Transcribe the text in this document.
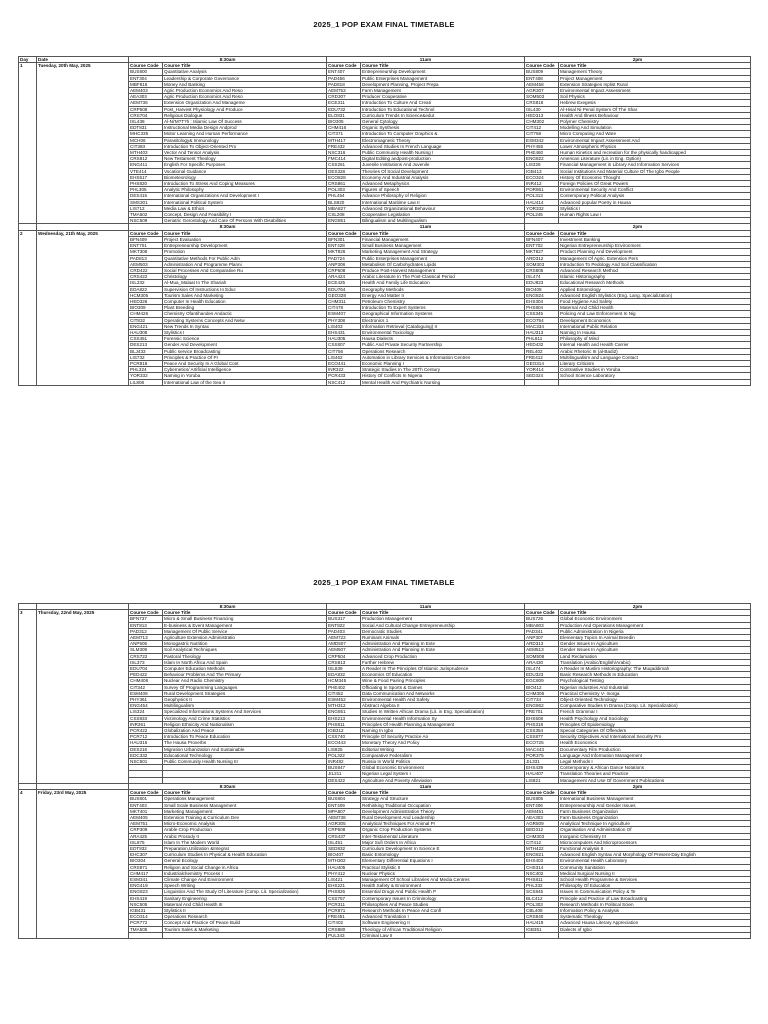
2025_1 POP EXAM FINAL TIMETABLE
Day	Date	8:30am		11am		2pm	
1	Tuesday, 20th May, 2025	Course Code	Course Title	Course Code	Course Title	Course Code	Course Title
		BUS800	Quantitative Analysis	ENT407	Entrepreneurship Development	BUS809	Management Theory
		ENT304	Leadership & Corporate Governance	PAD456	Public Enterprises Management	ENT408	Project Management
		MBF816	Money And Banking	PAD818	Development Planning, Project Prepa	AEM458	Extension Strategies Inplist Rural
		AEM403	Agric Production Economics And Reso	AEM753	Farm Management	AGR307	Environmental Impact Assessment
		AEA303	Agric Production Economics And Reso	CRD307	Producer Cooperative	SOM503	Soil Physics
		AEM736	Extension Organization And Manageme	ECE311	Introduction To Culture And Creati	CRS818	Hebrew Exegesis
		CRP508	Post_Harvest Physiology And Produce	EDU732	Introduction To Educational Technol	ISL430	Al-Hisal Ni Penal System Of The Shar
		CRS704	Religious Dialogue	ELO831	Curriculum Trends In Science&edut	HED313	Health And Illness Behaviour
		ISL438	Al-Ni'M?T?h : Islamic Law Of Success	BIO305	General Cytology	CHM302	Polymer Chemistry
		EDT831	Instructional Media Design Andprod	CHM416	Organic Synthesis	CIT412	Modelling And Simulation
		MHC335	Motor Learning And Human Performance	CIT371	Introduction To Computer Graphics &	CIT758	Micro Computing And Ware
		MCH06	Parasitology& Immunology	MTH417	Electromagnetic Theory	ESM342	Environmental Impact Assessment And
		CIT383	Introduction To Object-Oriented Pro	FRE432	Advanced Studies In French Language	PHY455	Lower Atmospheric Physics
		MTH403	Vector And Tensor Analysis	NSC316	Public Community Health Nursing I	PHE460	Human Kinetics and recreation for the physically handicapped
		CRS812	New Testament Theology	FMC414	Digital Editing andpost-production	ENG822	American Literature (Lit. in Eng. Option)
		ENG411	English For Specific Purposes	CSS261	Juvenile Institutions And Juvenile	LIS326	Financial Management in Library And Information Services
		VTE414	Vocational Guidance	DES328	Theories Of Social Development	IGB413	Social Institutions And Material Culture Of The Igbo People
		EHS517	Biometeorology	ECO828	Economy And Industrial Analysis	ECO324	History Of Economic Thought
		PHS820	Introduction To Stress And Coping Measures	CRS861	Advanced Metaphysics	INR412	Foreign Policies Of Great Powers
		PHL305	Analytic Philosophy	POL303	Figures of Speech	POR861	Environmental Security And Conflict
		DES415	International Organizations And Development I	PHL454	Advance Philosophy of Religion	POL313	Contemporary Political Analysis
		SMS301	International Political System	BLS820	International Maritime Law II	HAU414	Advanced popular Poetry in Hausa
		LIS712	Media Law & Ethics	MBA827	Advanced Organizational Behaviour	YOR332	Stylistics I
		TMA502	Concept, Design And Feasibility I	CSL208	Cooperative Legislation	POL245	Human Rights Law I
		NSC509	Geriatric Gerontology And Care Of Persons With Disabilities	ENG851	Bilingualism and Multilingualism		
		8:30am		11am		2pm	
2	Wednesday, 21th May, 2025	Course Code	Course Title	Course Code	Course Title	Course Code	Course Title
		BFN409	Project Evaluation	BFN301	Financial Management	BFN407	Investment Banking
		ENT701	Entrepreneurship Development	ENT428	Small Business Management	ENT702	Nigerian Entrepreneurship Environment
		MKT308	Promotion	MKT826	Marketing Management And Strategy	MKT827	Product Planning And Development
		PAD813	Quantitative Methods For Public Adm	PAD724	Public Enterprises Management	ARD312	Management Of Agric. Extension Pers
		AEM503	Administration And Programme Planni	ANP308	Metabolism Of Carbohydrates Lipids	SOM303	Introduction To Pedology And Soil Classification
		CRD422	Social Processes And Comparative Ru	CRP508	Produce Post-Harvest Management	CRS805	Advanced Research Method
		CRS422	Christology	ARA424	Arabic Literature In The Post-Classical Period	ISL474	Islamic Historiography
		ISL332	Al-Mua_Malaat In The Shariah	ECE425	Health And Family Life Education	EDU823	Educational Research Methods
		EDA822	Supervision Of Instructions In Educ	EDU764	Geography Methods	BIO408	Applied Entomology
		HCM305	Tourism Sales And Marketing	GEO328	Energy And Matter II	ENG824	Advanced English Stylistics (Eng. Lang. Specialization)
		HED326	Computer In Health Education	CHM311	Petroleum Chemistry	EHS304	Food Hygiene And Safety
		BIO309	Plant Breeding	CIT478	Introduction To Expert Systems	PHS804	Maternal And Child Health
		CHM426	Chemistry Ofantihandes Andactic	ESM407	Geographical Information Systems	CSS345	Policing And Law Enforcement In Nig
		CIT832	Operating Systems Concepts And Netw	PHY308	Electronics 1	ECO754	Development Economics
		ENG421	New Trends In Syntax	LIS403	Information Retrieval (Cataloguing) II	MAC334	International Public Relation
		HAU308	Stylistics I	EHS431	Environmental Toxicology	HAU313	Naming In Hausa
		CSS451	Forensic Science	HAU305	Hausa Dialects	PHL811	Philosophy of Mind
		DES213	Gender And Development	CSS807	Public And Private Security Partnership	HED432	Internal Health and Health Carrier
		BLJ433	Public service Broadcasting	CIT756	Operations Research	REL402	Arabic Rhetoric III (al-Badi2)
		LIS732	Principles & Practice Of Pr	LIS462	Automation in Library Services & Information Centres	FRE412	Multilingualism and Language Contact
		PCR818	Peace And Security In A Global Cont	ECO441	Economic Planning I	GEO314	Literary Criticism
		PHL324	Cybernetics/ Artificial Intelligence	INR322	Strategic Studies In The 20Th Century	YOR414	Contrastive Studies in Yoruba
		YOR332	Naming in Yoruba	PCR433	History Of Conflicts In Nigeria	SED324	School Science Laboratory
		LIL808	International Law of the Sea II	NSC412	Mental Health And Psychiatric Nursing		
2025_1 POP EXAM FINAL TIMETABLE
		8:30am		11am		2pm	
3	Thursday, 22nd May, 2025	Course Code	Course Title	Course Code	Course Title	Course Code	Course Title
		BFN737	Micro & Small Business Financing	BUS317	Production Management	BUS726	Global Economic Environment
		ENT813	E-business & Event Management	ENT822	Social And Cultural Change Entrepreneurship	MBA803	Production And Operations Management
		PAD312	Management Of Public Service	PAD403	Democratic Studies	PAD341	Public Administration In Nigeria
		AEM713	Agriculture Extension Administratio	AEM722	Ruminant Animals	ANP307	Elementary Topics In Animal Breedin
		ANP505	Monogastric Nutrition	AMD507	Administration And Planning In Exte	ARD313	Gender Issues In Agriculture
		SLM309	Soil Analytical Techniques	AEM507	Administration And Planning In Exte	AEM513	Gender Issues In Agriculture
		CRS722	Pastoral Theology	CRP504	Advanced Crop Production	SOM508	Land Reclamation
		ISL373	Islam In North Africa And Spain	CRS813	Further Hebrew	ARA430	Translation (Arabic/English/Arabic)
		EDU704	Computer Education Methods	ISL839	A Reader In The Principles Of Islamic Jurisprudence	ISL474	A Reader In Muslim Historiography: The Muqaddimah
		PED422	Behaviour Problems And The Primary	EDA832	Economics Of Education	EDU323	Basic Research Methods In Education
		CHM406	Nuclear And Radio Chemistry	HCM345	Wine & Food Pairing Principles	EGC809	Psychological Testing
		CIT342	Survey Of Programming Languages	PHE402	Officiating In Sports & Games	BIO412	Nigerian Industries And Industriali
		ESM408	Rural Development Strategies	CIT452	Data Communication And Networks	CHM306	Practical Chemistry V- Inorga
		PHY361	Geophysics II	ESM452	Environmental Health And Safety	CIT734	Object-Oriented Technology
		ENG454	Multilingualism	MTH312	Abstract Algebra II	ENG862	Comparative Studies In Drama (Comp. Lit. Specialization)
		LIS324	Specialized Informations Systems And Services	ENG851	Studies In Written African Drama (Lit. in Eng. Specialization)	FRE701	French Grammar I
		CSS833	Victimology And Crime Statistics	EHS213	Environmental Health Information Sy	EHS508	Health Psychology And Sociology
		INR361	Religion Ethnicity And Nationalism	PHS811	Principles Of Health Planning & Management	PHS318	Principles Of Epidemiology
		PCR422	Globalization And Peace	IGB312	Naming In Igbo	CSS354	Special Categories Of Offenders
		PCR712	Introduction To Peace Education	CSS740	Principle Of Security Practice An	CSS877	Security Objectives And International Security Pro
		HAU316	The Hausa Proverbs	ECO443	Monetary Theory And Policy	ECO725	Health Economics
		DES216	Migration Urbanization And Sustainable	LIS825	Editorial Writing	MAC443	Documentary Film Production
		EDC332	Educational Technology	POL322	Comparative Federalism	POR375	Language And Information Management
		NSC501	Public Community Health Nursing III	INR482	Russia In World Politics	JIL331	Legal Methods I
				BUS847	Global Economic Environment	EHS439	Contemporary & African Dance Notations
				JIL211	Nigerian Legal System I	HAU407	Translation Theories and Practice
				DES422	Agriculture And Poverty Alleviation	LIS821	Management And Use Of Government Publications
		8:30am		11am		2pm	
4	Friday, 23rd May, 2025	Course Code	Course Title	Course Code	Course Title	Course Code	Course Title
		BUS801	Operations Management	BUS804	Strategy And Structure	BUS805	International Business Management
		ENT403	Small Scale Business Management	ENT409	Rethinking Traditional Occupation	ENT406	Entrepreneurship And Gender Issues
		MKT401	Marketing Management	MPA807	Development Administration Theory	AEM451	Farm Business Organization
		AEM405	Extension Training & Curriculum Dev	AEM738	Rural Development And Leadership	AEA303	Farm Business Organization
		AEM751	Micro-Economic Analysis	AGR305	Analytical Techniques For Animal Pr	AGR509	Analytical Technique In Agriculture
		CRP309	Arable Crop Production	CRP508	Organic Crop Production Systems	BED312	Organisation And Administration Of
		ARA425	Arabic Prosody II	CRS437	Inter-Testamental Literature	CHM303	Inorganic Chemistry III
		ISL875	Islam In The Modern World	ISL451	Major Sufi Orders In Africa	CIT412	Microcomputers And Microprocessors
		EDT832	Preparation,Utilization &Integrat	SED832	Curriculum Development In Science E	MTH422	Functional Analysis II
		EHC307	Curriculum Studies In Physical & Health Education	BIO407	Basic Entomology	ENG821	Advanced English Syntax And Morphology Of Present-Day English
		BIO304	General Ecology	MTH302	Elementary Differential Equations I	EHS403	Environmental Health Laboratory
		CRS871	Religion and Social Change in Africa	HAU405	Practical Stylistic II	CHS314	Community Sanitation
		CHM417	Industrialchemistry Process I	PHY412	Nuclear Physics	NSC402	Medical Surgical Nursing II
		ESM341	Climate Change And Environment	LIS421	Management Of School Libraries And Media Centres	PHS811	School Health Programme & Services
		ENG419	Speech Writing	EHS221	Health Safety & Environment	PHL332	Philosophy Of Education
		ENG823	Linguistics And The Study Of Literature (Comp. Lit. Specialization)	PHS826	Essential Drugs And Public Health P	SCS845	Issues In Communication Policy & Te
		EHS419	Sanitary Engineering	CSS757	Contemporary Issues In Criminology	BLC412	Principle and Practice of Law Broadcasting
		NSC505	Maternal And Child Health III	PCR311	Philosophies And Peace Studies	POL303	Research Methods In Political Scien
		IGB431	Stylistics II	PCR871	Research Methods In Peace And Confl	CBL408	Information Policy & Analysis
		ECO314	Operations Research	FRE451	Advanced Translation I	CRS840	Systematic Theology
		PCR772	Concept And Practice Of Peace Build	CIT402	Software Engineering II	HAU419	Advanced Hausa Literary Appreciation
		TMA505	Tourism Sales & Marketing	CRS880	Theology of African Traditional Religion	IGB351	Dialects of Igbo
				PUL343	Criminal Law II		
